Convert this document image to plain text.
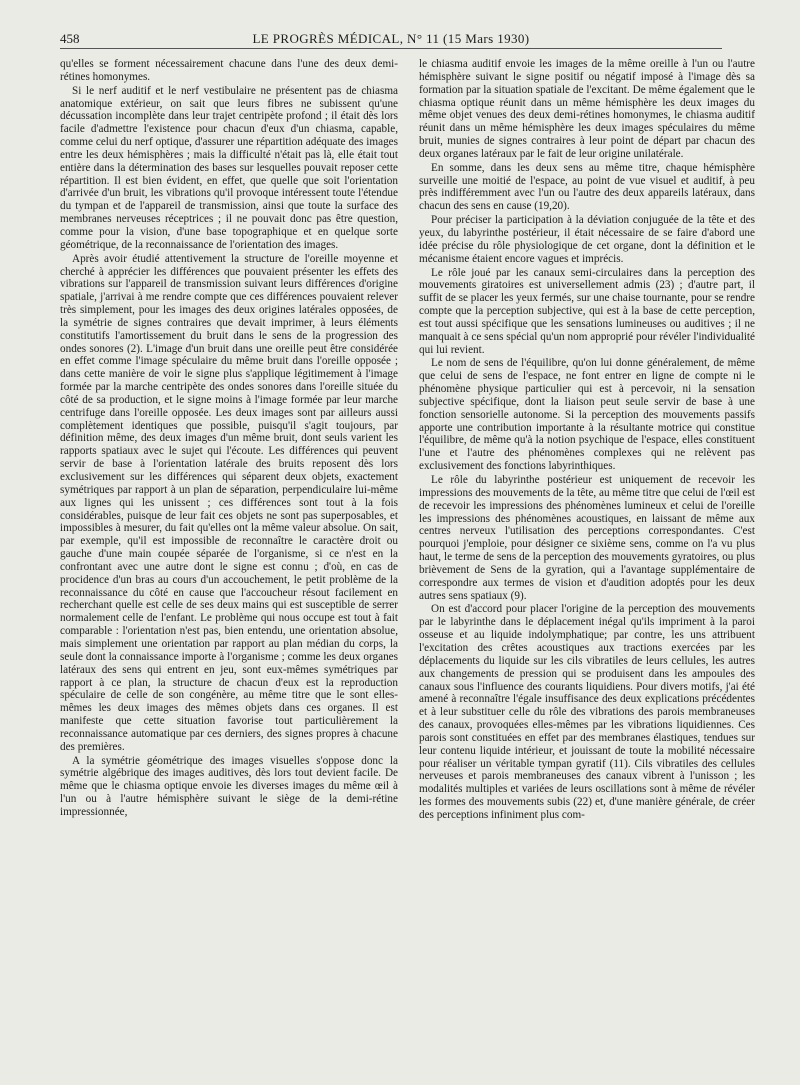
458	LE PROGRÈS MÉDICAL, N° 11 (15 Mars 1930)

qu'elles se forment nécessairement chacune dans l'une des deux demi-rétines homonymes.

Si le nerf auditif et le nerf vestibulaire ne présentent pas de chiasma anatomique extérieur, on sait que leurs fibres ne subissent qu'une décussation incomplète dans leur trajet centripète profond ; il était dès lors facile d'admettre l'existence pour chacun d'eux d'un chiasma, capable, comme celui du nerf optique, d'assurer une répartition adéquate des images entre les deux hémisphères ; mais la difficulté n'était pas là, elle était tout entière dans la détermination des bases sur lesquelles pouvait reposer cette répartition. Il est bien évident, en effet, que quelle que soit l'orientation d'arrivée d'un bruit, les vibrations qu'il provoque intéressent toute l'étendue du tympan et de l'appareil de transmission, ainsi que toute la surface des membranes nerveuses réceptrices ; il ne pouvait donc pas être question, comme pour la vision, d'une base topographique et en quelque sorte géométrique, de la reconnaissance de l'orientation des images.

Après avoir étudié attentivement la structure de l'oreille moyenne et cherché à apprécier les différences que pouvaient présenter les effets des vibrations sur l'appareil de transmission suivant leurs différences d'origine spatiale, j'arrivai à me rendre compte que ces différences pouvaient relever très simplement, pour les images des deux origines latérales opposées, de la symétrie de signes contraires que devait imprimer, à leurs éléments constitutifs l'amortissement du bruit dans le sens de la progression des ondes sonores (2). L'image d'un bruit dans une oreille peut être considérée en effet comme l'image spéculaire du même bruit dans l'oreille opposée ; dans cette manière de voir le signe plus s'applique légitimement à l'image formée par la marche centripète des ondes sonores dans l'oreille située du côté de sa production, et le signe moins à l'image formée par leur marche centrifuge dans l'oreille opposée. Les deux images sont par ailleurs aussi complètement identiques que possible, puisqu'il s'agit toujours, par définition même, des deux images d'un même bruit, dont seuls varient les rapports spatiaux avec le sujet qui l'écoute. Les différences qui peuvent servir de base à l'orientation latérale des bruits reposent dès lors exclusivement sur les différences qui séparent deux objets, exactement symétriques par rapport à un plan de séparation, perpendiculaire lui-même aux lignes qui les unissent ; ces différences sont tout à la fois considérables, puisque de leur fait ces objets ne sont pas superposables, et impossibles à mesurer, du fait qu'elles ont la même valeur absolue. On sait, par exemple, qu'il est impossible de reconnaître le caractère droit ou gauche d'une main coupée séparée de l'organisme, si ce n'est en la confrontant avec une autre dont le signe est connu ; d'où, en cas de procidence d'un bras au cours d'un accouchement, le petit problème de la reconnaissance du côté en cause que l'accoucheur résout facilement en recherchant quelle est celle de ses deux mains qui est susceptible de serrer normalement celle de l'enfant. Le problème qui nous occupe est tout à fait comparable : l'orientation n'est pas, bien entendu, une orientation absolue, mais simplement une orientation par rapport au plan médian du corps, la seule dont la connaissance importe à l'organisme ; comme les deux organes latéraux des sens qui entrent en jeu, sont eux-mêmes symétriques par rapport à ce plan, la structure de chacun d'eux est la reproduction spéculaire de celle de son congénère, au même titre que le sont elles-mêmes les deux images des mêmes objets dans ces organes. Il est manifeste que cette situation favorise tout particulièrement la reconnaissance automatique par ces derniers, des signes propres à chacune des premières.

A la symétrie géométrique des images visuelles s'oppose donc la symétrie algébrique des images auditives, dès lors tout devient facile. De même que le chiasma optique envoie les diverses images du même œil à l'un ou à l'autre hémisphère suivant le siège de la demi-rétine impressionnée,

le chiasma auditif envoie les images de la même oreille à l'un ou l'autre hémisphère suivant le signe positif ou négatif imposé à l'image dès sa formation par la situation spatiale de l'excitant. De même également que le chiasma optique réunit dans un même hémisphère les deux images du même objet venues des deux demi-rétines homonymes, le chiasma auditif réunit dans un même hémisphère les deux images spéculaires du même bruit, munies de signes contraires à leur point de départ par chacun des deux organes latéraux par le fait de leur origine unilatérale.

En somme, dans les deux sens au même titre, chaque hémisphère surveille une moitié de l'espace, au point de vue visuel et auditif, à peu près indifféremment avec l'un ou l'autre des deux appareils latéraux, dans chacun des sens en cause (19,20).

Pour préciser la participation à la déviation conjuguée de la tête et des yeux, du labyrinthe postérieur, il était nécessaire de se faire d'abord une idée précise du rôle physiologique de cet organe, dont la définition et le mécanisme étaient encore vagues et imprécis.

Le rôle joué par les canaux semi-circulaires dans la perception des mouvements giratoires est universellement admis (23) ; d'autre part, il suffit de se placer les yeux fermés, sur une chaise tournante, pour se rendre compte que la perception subjective, qui est à la base de cette perception, est tout aussi spécifique que les sensations lumineuses ou auditives ; il ne manquait à ce sens spécial qu'un nom approprié pour révéler l'individualité qui lui revient.

Le nom de sens de l'équilibre, qu'on lui donne généralement, de même que celui de sens de l'espace, ne font entrer en ligne de compte ni le phénomène physique particulier qui est à percevoir, ni la sensation subjective spécifique, dont la liaison peut seule servir de base à une fonction sensorielle autonome. Si la perception des mouvements passifs apporte une contribution importante à la résultante motrice qui constitue l'équilibre, de même qu'à la notion psychique de l'espace, elles constituent l'une et l'autre des phénomènes complexes qui ne relèvent pas exclusivement des fonctions labyrinthiques.

Le rôle du labyrinthe postérieur est uniquement de recevoir les impressions des mouvements de la tête, au même titre que celui de l'œil est de recevoir les impressions des phénomènes lumineux et celui de l'oreille les impressions des phénomènes acoustiques, en laissant de même aux centres nerveux l'utilisation des perceptions correspondantes. C'est pourquoi j'emploie, pour désigner ce sixième sens, comme on l'a vu plus haut, le terme de sens de la perception des mouvements gyratoires, ou plus brièvement de Sens de la gyration, qui a l'avantage supplémentaire de correspondre aux termes de vision et d'audition adoptés pour les deux autres sens spatiaux (9).

On est d'accord pour placer l'origine de la perception des mouvements par le labyrinthe dans le déplacement inégal qu'ils impriment à la paroi osseuse et au liquide indolymphatique; par contre, les uns attribuent l'excitation des crêtes acoustiques aux tractions exercées par les déplacements du liquide sur les cils vibratiles de leurs cellules, les autres aux changements de pression qui se produisent dans les ampoules des canaux sous l'influence des courants liquidiens. Pour divers motifs, j'ai été amené à reconnaître l'égale insuffisance des deux explications précédentes et à leur substituer celle du rôle des vibrations des parois membraneuses des canaux, provoquées elles-mêmes par les vibrations liquidiennes. Ces parois sont constituées en effet par des membranes élastiques, tendues sur leur contenu liquide intérieur, et jouissant de toute la mobilité nécessaire pour réaliser un véritable tympan gyratif (11). Cils vibratiles des cellules nerveuses et parois membraneuses des canaux vibrent à l'unisson ; les modalités multiples et variées de leurs oscillations sont à même de révéler les formes des mouvements subis (22) et, d'une manière générale, de créer des perceptions infiniment plus com-
